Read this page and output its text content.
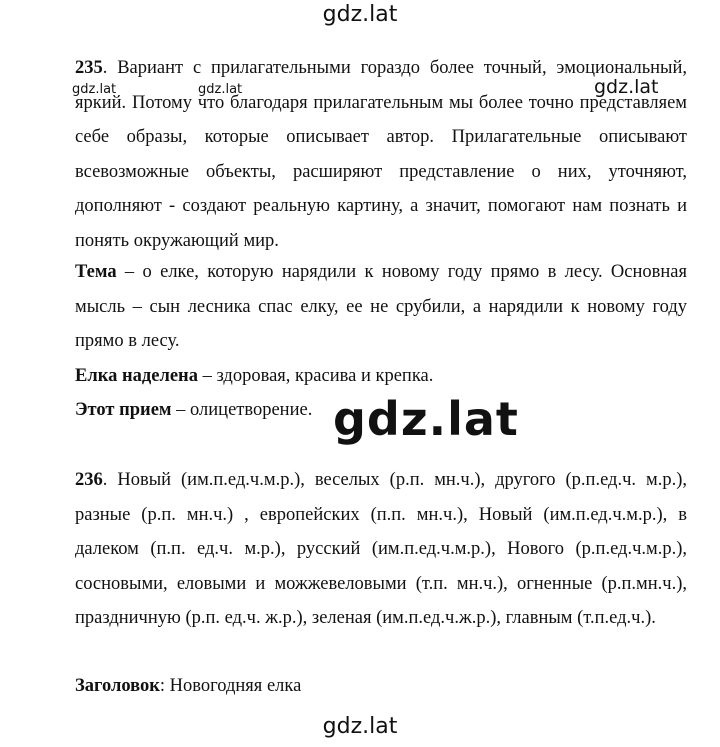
gdz.lat
235. Вариант с прилагательными гораздо более точный, эмоциональный, яркий. Потому что благодаря прилагательным мы более точно представляем себе образы, которые описывает автор. Прилагательные описывают всевозможные объекты, расширяют представление о них, уточняют, дополняют - создают реальную картину, а значит, помогают нам познать и понять окружающий мир.
Тема – о елке, которую нарядили к новому году прямо в лесу. Основная мысль – сын лесника спас елку, ее не срубили, а нарядили к новому году прямо в лесу.
Елка наделена – здоровая, красива и крепка.
Этот прием – олицетворение.
236. Новый (им.п.ед.ч.м.р.), веселых (р.п. мн.ч.), другого (р.п.ед.ч. м.р.), разные (р.п. мн.ч.) , европейских (п.п. мн.ч.), Новый (им.п.ед.ч.м.р.), в далеком (п.п. ед.ч. м.р.), русский (им.п.ед.ч.м.р.), Нового (р.п.ед.ч.м.р.), сосновыми, еловыми и можжевеловыми (т.п. мн.ч.), огненные (р.п.мн.ч.), праздничную (р.п. ед.ч. ж.р.), зеленая (им.п.ед.ч.ж.р.), главным (т.п.ед.ч.).
Заголовок: Новогодняя елка
gdz.lat	gdz.lat	gdz.lat
gdz.lat
gdz.lat
